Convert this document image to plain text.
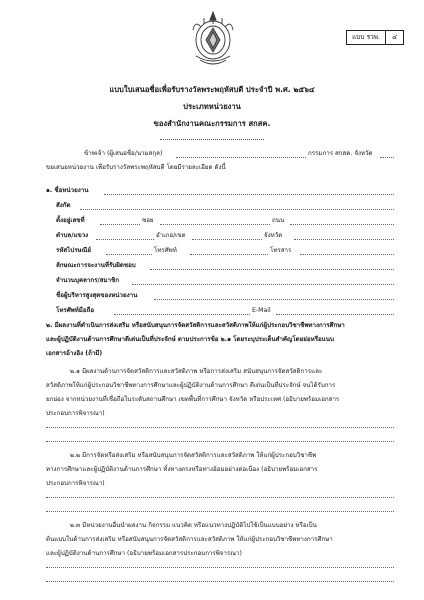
แบบ รวพ.	๔
แบบใบเสนอชื่อเพื่อรับรางวัลพระพฤหัสบดี ประจำปี พ.ศ. ๒๕๖๔
ประเภทหน่วยงาน
ของสำนักงานคณะกรรมการ สกสค.
ข้าพเจ้า (ผู้เสนอชื่อ/นามสกุล)	กรรมการ สกสค. จังหวัด
ขอเสนอหน่วยงาน เพื่อรับรางวัลพระพฤหัสบดี โดยมีรายละเอียด ดังนี้
๑. ชื่อหน่วยงาน
สังกัด
ตั้งอยู่เลขที่	ซอย	ถนน
ตำบล/แขวง	อำเภอ/เขต	จังหวัด
รหัสไปรษณีย์	โทรศัพท์	โทรสาร
ลักษณะการจะงานที่รับผิดชอบ
จำนวนบุคลากร/สมาชิก
ชื่อผู้บริหารสูงสุดของหน่วยงาน
โทรศัพท์มือถือ	E-Mail
๒. มีผลงานที่ดำเนินการส่งเสริม หรือสนับสนุนการจัดสวัสดิการและสวัสดิภาพให้แก่ผู้ประกอบวิชาชีพทางการศึกษา
และผู้ปฏิบัติงานด้านการศึกษาดีเด่นเป็นที่ประจักษ์ ตามประการข้อ ๒.๑ โดยระบุประเด็นสำคัญโดยย่อหรือแนบ
เอกสารอ้างอิง (ถ้ามี)
๒.๑ มีผลงานด้านการจัดสวัสดิการและสวัสดิภาพ หรือการส่งเสริม สนับสนุนการจัดสวัสดิการและ
สวัสดิภาพให้แก่ผู้ประกอบวิชาชีพทางการศึกษาและผู้ปฏิบัติงานด้านการศึกษา ดีเด่นเป็นที่ประจักษ์ จนได้รับการ
ยกย่อง จากหน่วยงานที่เชื่อถือในระดับสถานศึกษา เขตพื้นที่การศึกษา จังหวัด หรือประเทศ (อธิบายพร้อมเอกสาร
ประกอบการพิจารณา)
๒.๒ มีการจัดหรือส่งเสริม หรือสนับสนุนการจัดสวัสดิการและสวัสดิภาพ ให้แก่ผู้ประกอบวิชาชีพ
ทางการศึกษาและผู้ปฏิบัติงานด้านการศึกษา ทั้งทางตรงหรือทางอ้อมอย่างต่อเนื่อง (อธิบายพร้อมเอกสาร
ประกอบการพิจารณา)
๒.๓ มีหน่วยงานอื่นนำผลงาน กิจกรรม แนวคิด หรือแนวทางปฏิบัติไปใช้เป็นแบบอย่าง หรือเป็น
ต้นแบบในด้านการส่งเสริม หรือสนับสนุนการจัดสวัสดิการและสวัสดิภาพ ให้แก่ผู้ประกอบวิชาชีพทางการศึกษา
และผู้ปฏิบัติงานด้านการศึกษา (อธิบายพร้อมเอกสารประกอบการพิจารณา)
